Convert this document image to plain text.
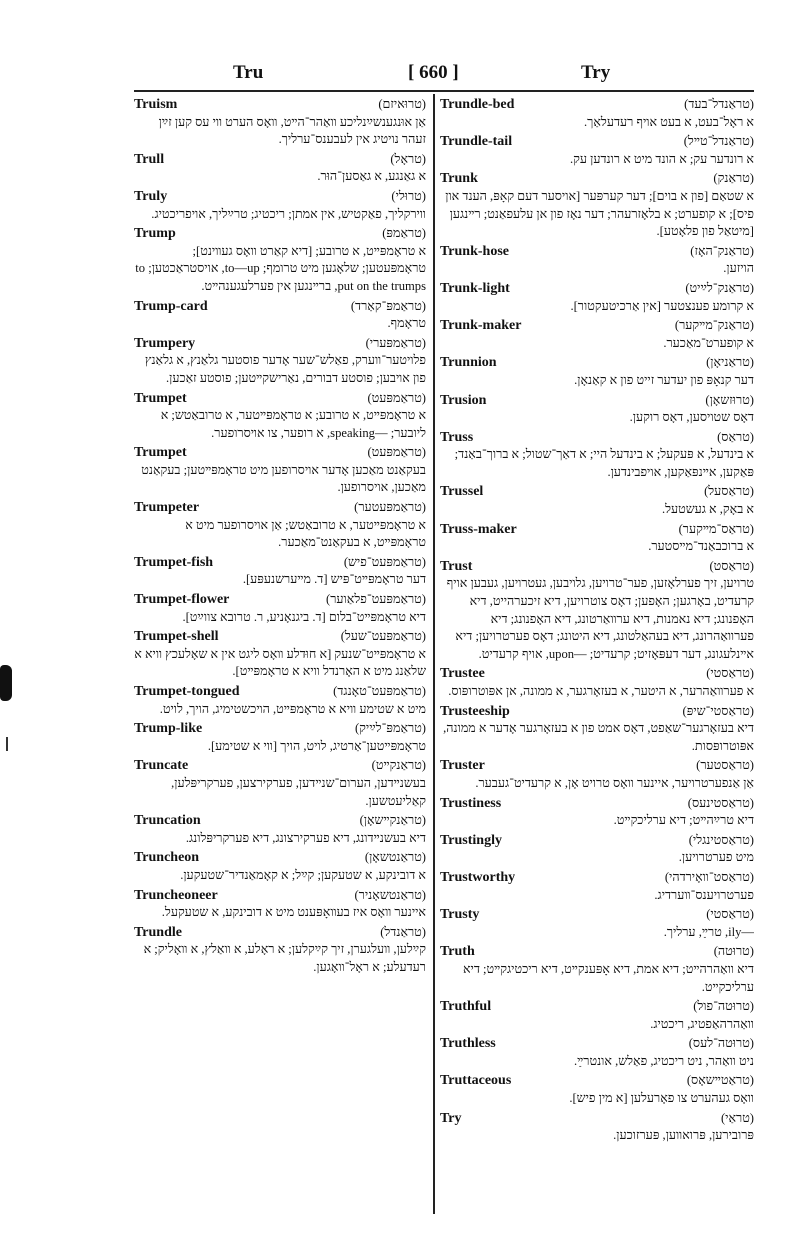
Tru	[ 660 ]	Try
Truism	(טרוּאיזם)
אַן אוּנגענשײַנליכע װאַהר־הײט, װאָס הערט װי עס קען זײַן זעהר נויטיג אין לעבענס־ערליך.
Trull	(טראָל)
א גאַנגע, א גאַסען־הוּר.
Truly	(טרוּלי)
װירקליך, פאַקטיש, אין אמתן; ריכטיג; טרײַליך, אויפריכטיג.
Trump	(טראַמפּ)
א טראָמפּײט, א טרובע; [דיא קאַרט װאָס געװינט]; טראָמפּעטען; שלאָגען מיט טרומף; to—up, אויסטראַכטען; to put on the trumps, ברײנגען אין פערלעגענהײט.
Trump-card	(טראַמפּ־קאַרד)
טראָמף.
Trumpery	(טראַמפּערי)
פלויטער־װערק, פאַלש־שער אָדער פוסטער גלאַנץ, א גלאַנץ פון אױבען; פוסטע דבורים, נאַרישקײטען; פוסטע זאַכען.
Trumpet	(טראַמפּעט)
א טראָמפּײט, א טרובע; א טראָמפּײטער, א טרובאַטש; א ליובער; —speaking, א רופער, צו אױסרופער.
Trumpet	(טראַמפּעט)
בעקאַנט מאַכען אָדער אויסרופען מיט טראָמפּײטען; בעקאַנט מאַכען, אויסרופען.
Trumpeter	(טראַמפּעטער)
א טראָמפּײטער, א טרובאַטש; אַן אויסרופער מיט א טראָמפּײט, א בעקאַנט־מאַכער.
Trumpet-fish	(טראַמפּעט־פיש)
דער טראָמפּײט־פּיש [ד. מײערשנעפּע].
Trumpet-flower	(טראַמפּעט־פלאַוער)
דיא טראָמפּײט־בלום [ד. ביגנאָניע, ר. טרובא צווײַט].
Trumpet-shell	(טראַמפּעט־שעל)
א טראָמפּײט־שנעק [א חוּדלע װאָס ליגט אין א שאָלעכץ װיא א שלאַנג מיט א האָרנדל װיא א טראָמפּײט].
Trumpet-tongued	(טראַמפּעט־טאָנגד)
מיט א שטימע װיא א טראָמפּײט, הױכשטימיג, הויך, לויט.
Trump-like	(טראַמפּ־לײַיק)
טראָמפּײטען־אַרטיג, לויט, הויך [װי א שטימע].
Truncate	(טראַנקײט)
בעשנײדען, הערום־שנײדען, פערקירצען, פערקריפּלען, קאַליעטשען.
Truncation	(טראַנקײשאָן)
דיא בעשנײדונג, דיא פערקירצונג, דיא פערקריפּלונג.
Truncheon	(טראַנטשאָן)
א דובינקע, א שטעקען; קײַל; א קאָמאַנדיר־שטעקען.
Truncheoneer	(טראַנטשאָניר)
איינער װאָס איז בעװאָפּענט מיט א דובינקע, א שטעקעל.
Trundle	(טראַנדל)
קײַלען, װעלגערן, זיך קײַקלען; א ראָלע, א װאַלץ, א װאָליק; א רעדעלע; א ראָל־װאָגען.
Trundle-bed	(טראַנדל־בעד)
א ראָל־בעט, א בעט אויף רעדעלאַך.
Trundle-tail	(טראַנדל־טײל)
א רונדער עק; א הונד מיט א רונדען עק.
Trunk	(טראַנק)
א שטאַם [פון א בוים]; דער קערפּער [אויסער דעם קאָפּ, הענד און פיס]; א קופערט; א בלאָזרעהר; דער נאָז פון אן עלעפאַנט; רײנגען [מיטאַל פון פלאָטע].
Trunk-hose	(טראַנק־האָז)
הויזען.
Trunk-light	(טראַנק־לײַיט)
א קרומע פענצטער [אין אַרכיטעקטור].
Trunk-maker	(טראַנק־מײקער)
א קופערט־מאַכער.
Trunnion	(טראַניאָן)
דער קנאָפּ פון יעדער זייט פון א קאַנאָן.
Trusion	(טרוּזשאָן)
דאָס שטויסען, דאָס רוקען.
Truss	(טראַס)
א בינדעל, א פּעקעל; א בינדעל היי; א דאַך־שטול; א ברוך־באַנד; פּאַקען, אײנפּאַקען, אויפבינדען.
Trussel	(טראַסעל)
א באָק, א געשטעל.
Truss-maker	(טראַס־מײקער)
א ברוכבאַנד־מײסטער.
Trust	(טראַסט)
טרויען, זיך פערלאָזען, פער־טרויען, גלויבען, געטרויען, געבען אויף קרעדיט, באָרגען; האָפען; דאָס צוטרויען, דיא זיכערהייט, דיא האָפנונג; דיא נאמנות, דיא ערװאַרטונג, דיא האָפנונג; דיא פערװאַהרונג, דיא בעהאַלטונג, דיא היטונג; דאָס פערטרויען; דיא אײנלעגונג, דער דעפּאָזיט; קרעדיט; —upon, אויף קרעדיט.
Trustee	(טראַסטי)
א פערװאַהרער, א היטער, א בעזאָרגער, א ממונה, אן אפּוטרופּוס.
Trusteeship	(טראַסטי־שיפּ)
דיא בעזאָרגער־שאַפט, דאָס אמט פון א בעזאָרגער אָדער א ממונה, אפּוטרופּסות.
Truster	(טראַסטער)
אַן אַנפערטרויער, איינער װאָס טרויט אָן, א קרעדיט־געבער.
Trustiness	(טראַסטינעס)
דיא טרײַהײט; דיא ערליכקײט.
Trustingly	(טראַסטינגלי)
מיט פערטרויען.
Trustworthy	(טראַסט־װאָירדהי)
פערטרויענס־װערדיג.
Trusty	(טראַסטי)
—ily, טרײַ, ערליך.
Truth	(טרוּטה)
דיא װאַהרהײט; דיא אמת, דיא אָפּענקײט, דיא ריכטיגקײט; דיא ערליכקײט.
Truthful	(טרוּטה־פול)
װאַהרהאַפטיג, ריכטיג.
Truthless	(טרוּטה־לעס)
ניט װאַהר, ניט ריכטיג, פאַלש, אונטרײַ.
Truttaceous	(טראַטײשאָס)
װאָס געהערט צו פאָרעלען [א מין פיש].
Try	(טראַי)
פּרובירען, פּרואװען, פּערזוכען.
